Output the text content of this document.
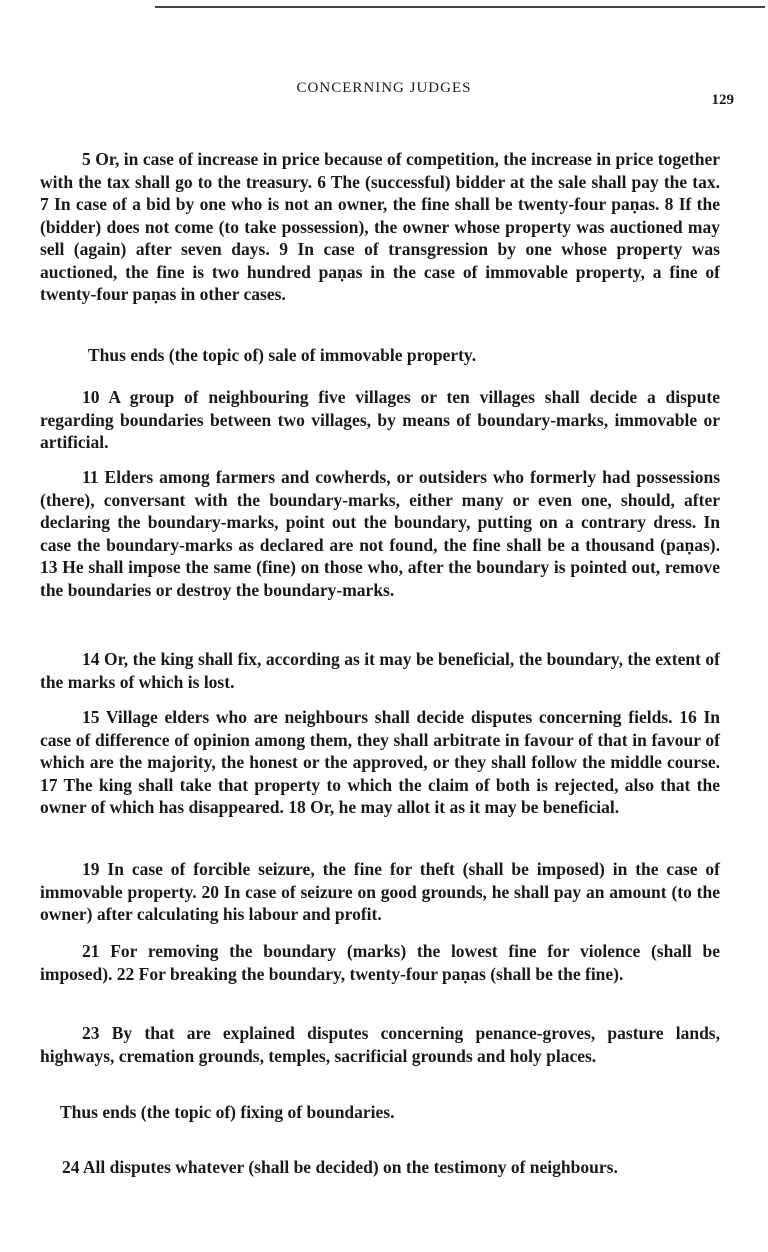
CONCERNING JUDGES
129

5 Or, in case of increase in price because of competition, the increase in price together with the tax shall go to the treasury. 6 The (successful) bidder at the sale shall pay the tax. 7 In case of a bid by one who is not an owner, the fine shall be twenty-four paṇas. 8 If the (bidder) does not come (to take possession), the owner whose property was auctioned may sell (again) after seven days. 9 In case of transgression by one whose property was auctioned, the fine is two hundred paṇas in the case of immovable property, a fine of twenty-four paṇas in other cases.

Thus ends (the topic of) sale of immovable property.

10 A group of neighbouring five villages or ten villages shall decide a dispute regarding boundaries between two villages, by means of boundary-marks, immovable or artificial.

11 Elders among farmers and cowherds, or outsiders who formerly had possessions (there), conversant with the boundary-marks, either many or even one, should, after declaring the boundary-marks, point out the boundary, putting on a contrary dress. In case the boundary-marks as declared are not found, the fine shall be a thousand (paṇas). 13 He shall impose the same (fine) on those who, after the boundary is pointed out, remove the boundaries or destroy the boundary-marks.

14 Or, the king shall fix, according as it may be beneficial, the boundary, the extent of the marks of which is lost.

15 Village elders who are neighbours shall decide disputes concerning fields. 16 In case of difference of opinion among them, they shall arbitrate in favour of that in favour of which are the majority, the honest or the approved, or they shall follow the middle course. 17 The king shall take that property to which the claim of both is rejected, also that the owner of which has disappeared. 18 Or, he may allot it as it may be beneficial.

19 In case of forcible seizure, the fine for theft (shall be imposed) in the case of immovable property. 20 In case of seizure on good grounds, he shall pay an amount (to the owner) after calculating his labour and profit.

21 For removing the boundary (marks) the lowest fine for violence (shall be imposed). 22 For breaking the boundary, twenty-four paṇas (shall be the fine).

23 By that are explained disputes concerning penance-groves, pasture lands, highways, cremation grounds, temples, sacrificial grounds and holy places.

Thus ends (the topic of) fixing of boundaries.

24 All disputes whatever (shall be decided) on the testimony of neighbours.
